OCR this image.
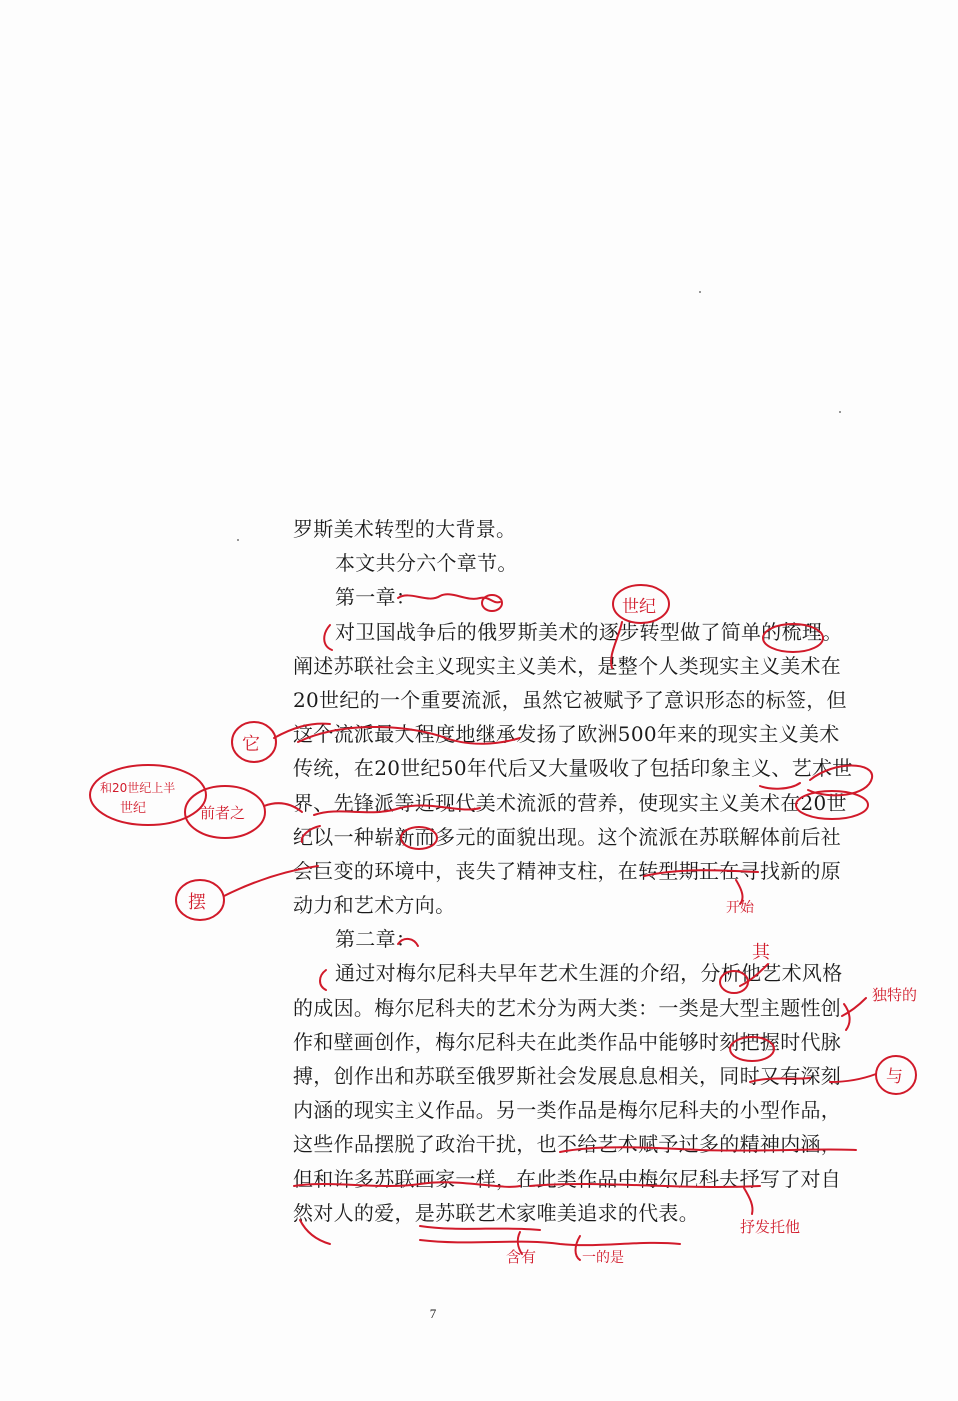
罗斯美术转型的大背景。
本文共分六个章节。
第一章：
对卫国战争后的俄罗斯美术的逐步转型做了简单的梳理。
阐述苏联社会主义现实主义美术，是整个人类现实主义美术在
20世纪的一个重要流派，虽然它被赋予了意识形态的标签，但
这个流派最大程度地继承发扬了欧洲500年来的现实主义美术
传统，在20世纪50年代后又大量吸收了包括印象主义、艺术世
界、先锋派等近现代美术流派的营养，使现实主义美术在20世
纪以一种崭新而多元的面貌出现。这个流派在苏联解体前后社
会巨变的环境中，丧失了精神支柱，在转型期正在寻找新的原
动力和艺术方向。
第二章：
通过对梅尔尼科夫早年艺术生涯的介绍，分析他艺术风格
的成因。梅尔尼科夫的艺术分为两大类：一类是大型主题性创
作和壁画创作，梅尔尼科夫在此类作品中能够时刻把握时代脉
搏，创作出和苏联至俄罗斯社会发展息息相关，同时又有深刻
内涵的现实主义作品。另一类作品是梅尔尼科夫的小型作品，
这些作品摆脱了政治干扰，也不给艺术赋予过多的精神内涵，
但和许多苏联画家一样，在此类作品中梅尔尼科夫抒写了对自
然对人的爱，是苏联艺术家唯美追求的代表。
7
世纪
它
和20世纪上半
世纪	前者之
摆	开始
其
独特的
与
抒发托他
含有	一的是
